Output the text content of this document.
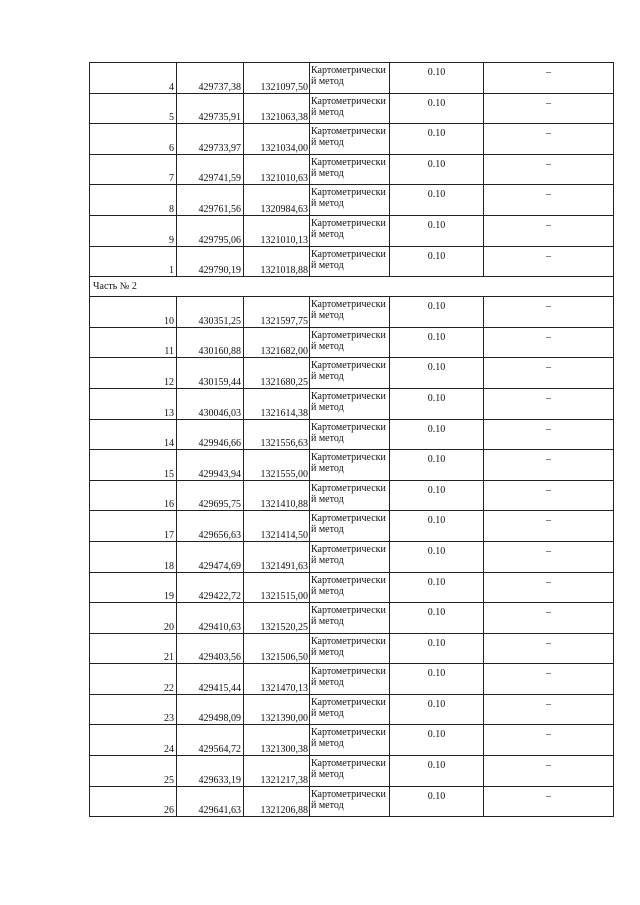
4	429737,38	1321097,50	Картометрический метод	0.10	–
5	429735,91	1321063,38	Картометрический метод	0.10	–
6	429733,97	1321034,00	Картометрический метод	0.10	–
7	429741,59	1321010,63	Картометрический метод	0.10	–
8	429761,56	1320984,63	Картометрический метод	0.10	–
9	429795,06	1321010,13	Картометрический метод	0.10	–
1	429790,19	1321018,88	Картометрический метод	0.10	–
Часть № 2					
10	430351,25	1321597,75	Картометрический метод	0.10	–
11	430160,88	1321682,00	Картометрический метод	0.10	–
12	430159,44	1321680,25	Картометрический метод	0.10	–
13	430046,03	1321614,38	Картометрический метод	0.10	–
14	429946,66	1321556,63	Картометрический метод	0.10	–
15	429943,94	1321555,00	Картометрический метод	0.10	–
16	429695,75	1321410,88	Картометрический метод	0.10	–
17	429656,63	1321414,50	Картометрический метод	0.10	–
18	429474,69	1321491,63	Картометрический метод	0.10	–
19	429422,72	1321515,00	Картометрический метод	0.10	–
20	429410,63	1321520,25	Картометрический метод	0.10	–
21	429403,56	1321506,50	Картометрический метод	0.10	–
22	429415,44	1321470,13	Картометрический метод	0.10	–
23	429498,09	1321390,00	Картометрический метод	0.10	–
24	429564,72	1321300,38	Картометрический метод	0.10	–
25	429633,19	1321217,38	Картометрический метод	0.10	–
26	429641,63	1321206,88	Картометрический метод	0.10	–
